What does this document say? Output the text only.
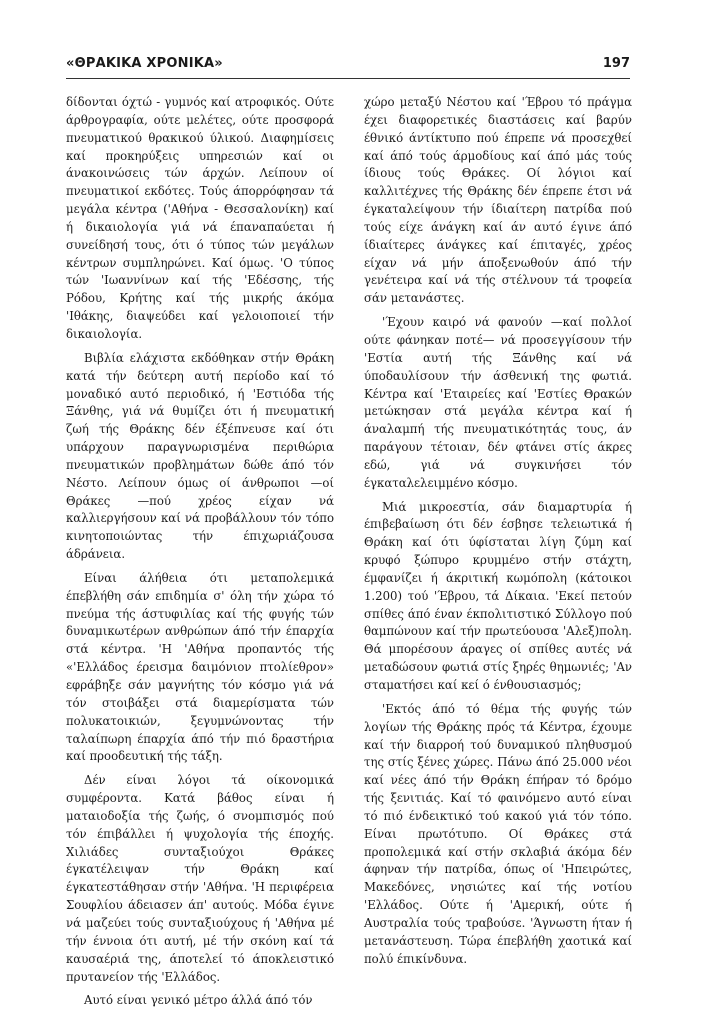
«ΘΡΑΚΙΚΑ ΧΡΟΝΙΚΑ»	197

δίδονται όχτώ - γυμνός καί ατροφικός. Ούτε άρθρογραφία, ούτε μελέτες, ούτε προσφορά πνευματικού θρακικού ύλικού. Διαφημίσεις καί προκηρύξεις υπηρεσιών καί οι άνακοινώσεις τών άρχών. Λείπουν οί πνευματικοί εκδότες. Τούς άπορρόφησαν τά μεγάλα κέντρα ('Αθήνα - Θεσσαλονίκη) καί ή δικαιολογία γιά νά έπαναπαύεται ή συνείδησή τους, ότι ό τύπος τών μεγάλων κέντρων συμπληρώνει. Καί όμως. 'Ο τύπος τών 'Ιωαννίνων καί τής 'Εδέσσης, τής Ρόδου, Κρήτης καί τής μικρής άκόμα 'Ιθάκης, διαψεύδει καί γελοιοποιεί τήν δικαιολογία.

Βιβλία ελάχιστα εκδόθηκαν στήν Θράκη κατά τήν δεύτερη αυτή περίοδο καί τό μοναδικό αυτό περιοδικό, ή 'Εστιόδα τής Ξάνθης, γιά νά θυμίζει ότι ή πνευματική ζωή τής Θράκης δέν έξέπνευσε καί ότι υπάρχουν παραγνωρισμένα περιθώρια πνευματικών προβλημάτων δώθε άπό τόν Νέστο. Λείπουν όμως οί άνθρωποι —οί Θράκες —πού χρέος είχαν νά καλλιεργήσουν καί νά προβάλλουν τόν τόπο κινητοποιώντας τήν έπιχωριάζουσα άδράνεια.

Είναι άλήθεια ότι μεταπολεμικά έπεβλήθη σάν επιδημία σ' όλη τήν χώρα τό πνεύμα τής άστυφιλίας καί τής φυγής τών δυναμικωτέρων ανθρώπων άπό τήν έπαρχία στά κέντρα. 'Η 'Αθήνα προπαντός τής «'Ελλάδος έρεισμα δαιμόνιον πτολίεθρον» εφράβηξε σάν μαγνήτης τόν κόσμο γιά νά τόν στοιβάξει στά διαμερίσματα τών πολυκατοικιών, ξεγυμνώνοντας τήν ταλαίπωρη έπαρχία άπό τήν πιό δραστήρια καί προοδευτική τής τάξη.

Δέν είναι λόγοι τά οίκονομικά συμφέροντα. Κατά βάθος είναι ή ματαιοδοξία τής ζωής, ό σνομπισμός πού τόν έπιβάλλει ή ψυχολογία τής έποχής. Χιλιάδες συνταξιούχοι Θράκες έγκατέλειψαν τήν Θράκη καί έγκατεστάθησαν στήν 'Αθήνα. 'Η περιφέρεια Σουφλίου άδειασεν άπ' αυτούς. Μόδα έγινε νά μαζεύει τούς συνταξιούχους ή 'Αθήνα μέ τήν έννοια ότι αυτή, μέ τήν σκόνη καί τά καυσαέριά της, άποτελεί τό άποκλειστικό πρυτανείον τής 'Ελλάδος.

Αυτό είναι γενικό μέτρο άλλά άπό τόν

χώρο μεταξύ Νέστου καί 'Έβρου τό πράγμα έχει διαφορετικές διαστάσεις καί βαρύν έθνικό άντίκτυπο πού έπρεπε νά προσεχθεί καί άπό τούς άρμοδίους καί άπό μάς τούς ίδιους τούς Θράκες. Οί λόγιοι καί καλλιτέχνες τής Θράκης δέν έπρεπε έτσι νά έγκαταλείψουν τήν ίδιαίτερη πατρίδα πού τούς είχε άνάγκη καί άν αυτό έγινε άπό ίδιαίτερες άνάγκες καί έπιταγές, χρέος είχαν νά μήν άποξενωθούν άπό τήν γενέτειρα καί νά τής στέλνουν τά τροφεία σάν μετανάστες.

'Έχουν καιρό νά φανούν —καί πολλοί ούτε φάνηκαν ποτέ— νά προσεγγίσουν τήν 'Εστία αυτή τής Ξάνθης καί νά ύποδαυλίσουν τήν άσθενική της φωτιά. Κέντρα καί 'Εταιρείες καί 'Εστίες Θρακών μετώκησαν στά μεγάλα κέντρα καί ή άναλαμπή τής πνευματικότητάς τους, άν παράγουν τέτοιαν, δέν φτάνει στίς άκρες εδώ, γιά νά συγκινήσει τόν έγκαταλελειμμένο κόσμο.

Μιά μικροεστία, σάν διαμαρτυρία ή έπιβεβαίωση ότι δέν έσβησε τελειωτικά ή Θράκη καί ότι ύφίσταται λίγη ζύμη καί κρυφό ξώπυρο κρυμμένο στήν στάχτη, έμφανίζει ή άκριτική κωμόπολη (κάτοικοι 1.200) τού 'Έβρου, τά Δίκαια. 'Εκεί πετούν σπίθες άπό έναν έκπολιτιστικό Σύλλογο πού θαμπώνουν καί τήν πρωτεύουσα 'Αλεξ)πολη. Θά μπορέσουν άραγες οί σπίθες αυτές νά μεταδώσουν φωτιά στίς ξηρές θημωνιές; 'Αν σταματήσει καί κεί ό ένθουσιασμός;

'Εκτός άπό τό θέμα τής φυγής τών λογίων τής Θράκης πρός τά Κέντρα, έχουμε καί τήν διαρροή τού δυναμικού πληθυσμού της στίς ξένες χώρες. Πάνω άπό 25.000 νέοι καί νέες άπό τήν Θράκη έπήραν τό δρόμο τής ξενιτιάς. Καί τό φαινόμενο αυτό είναι τό πιό ένδεικτικό τού κακού γιά τόν τόπο. Είναι πρωτότυπο. Οί Θράκες στά προπολεμικά καί στήν σκλαβιά άκόμα δέν άφηναν τήν πατρίδα, όπως οί 'Ηπειρώτες, Μακεδόνες, νησιώτες καί τής νοτίου 'Ελλάδος. Ούτε ή 'Αμερική, ούτε ή Αυστραλία τούς τραβούσε. 'Άγνωστη ήταν ή μετανάστευση. Τώρα έπεβλήθη χαοτικά καί πολύ έπικίνδυνα.
